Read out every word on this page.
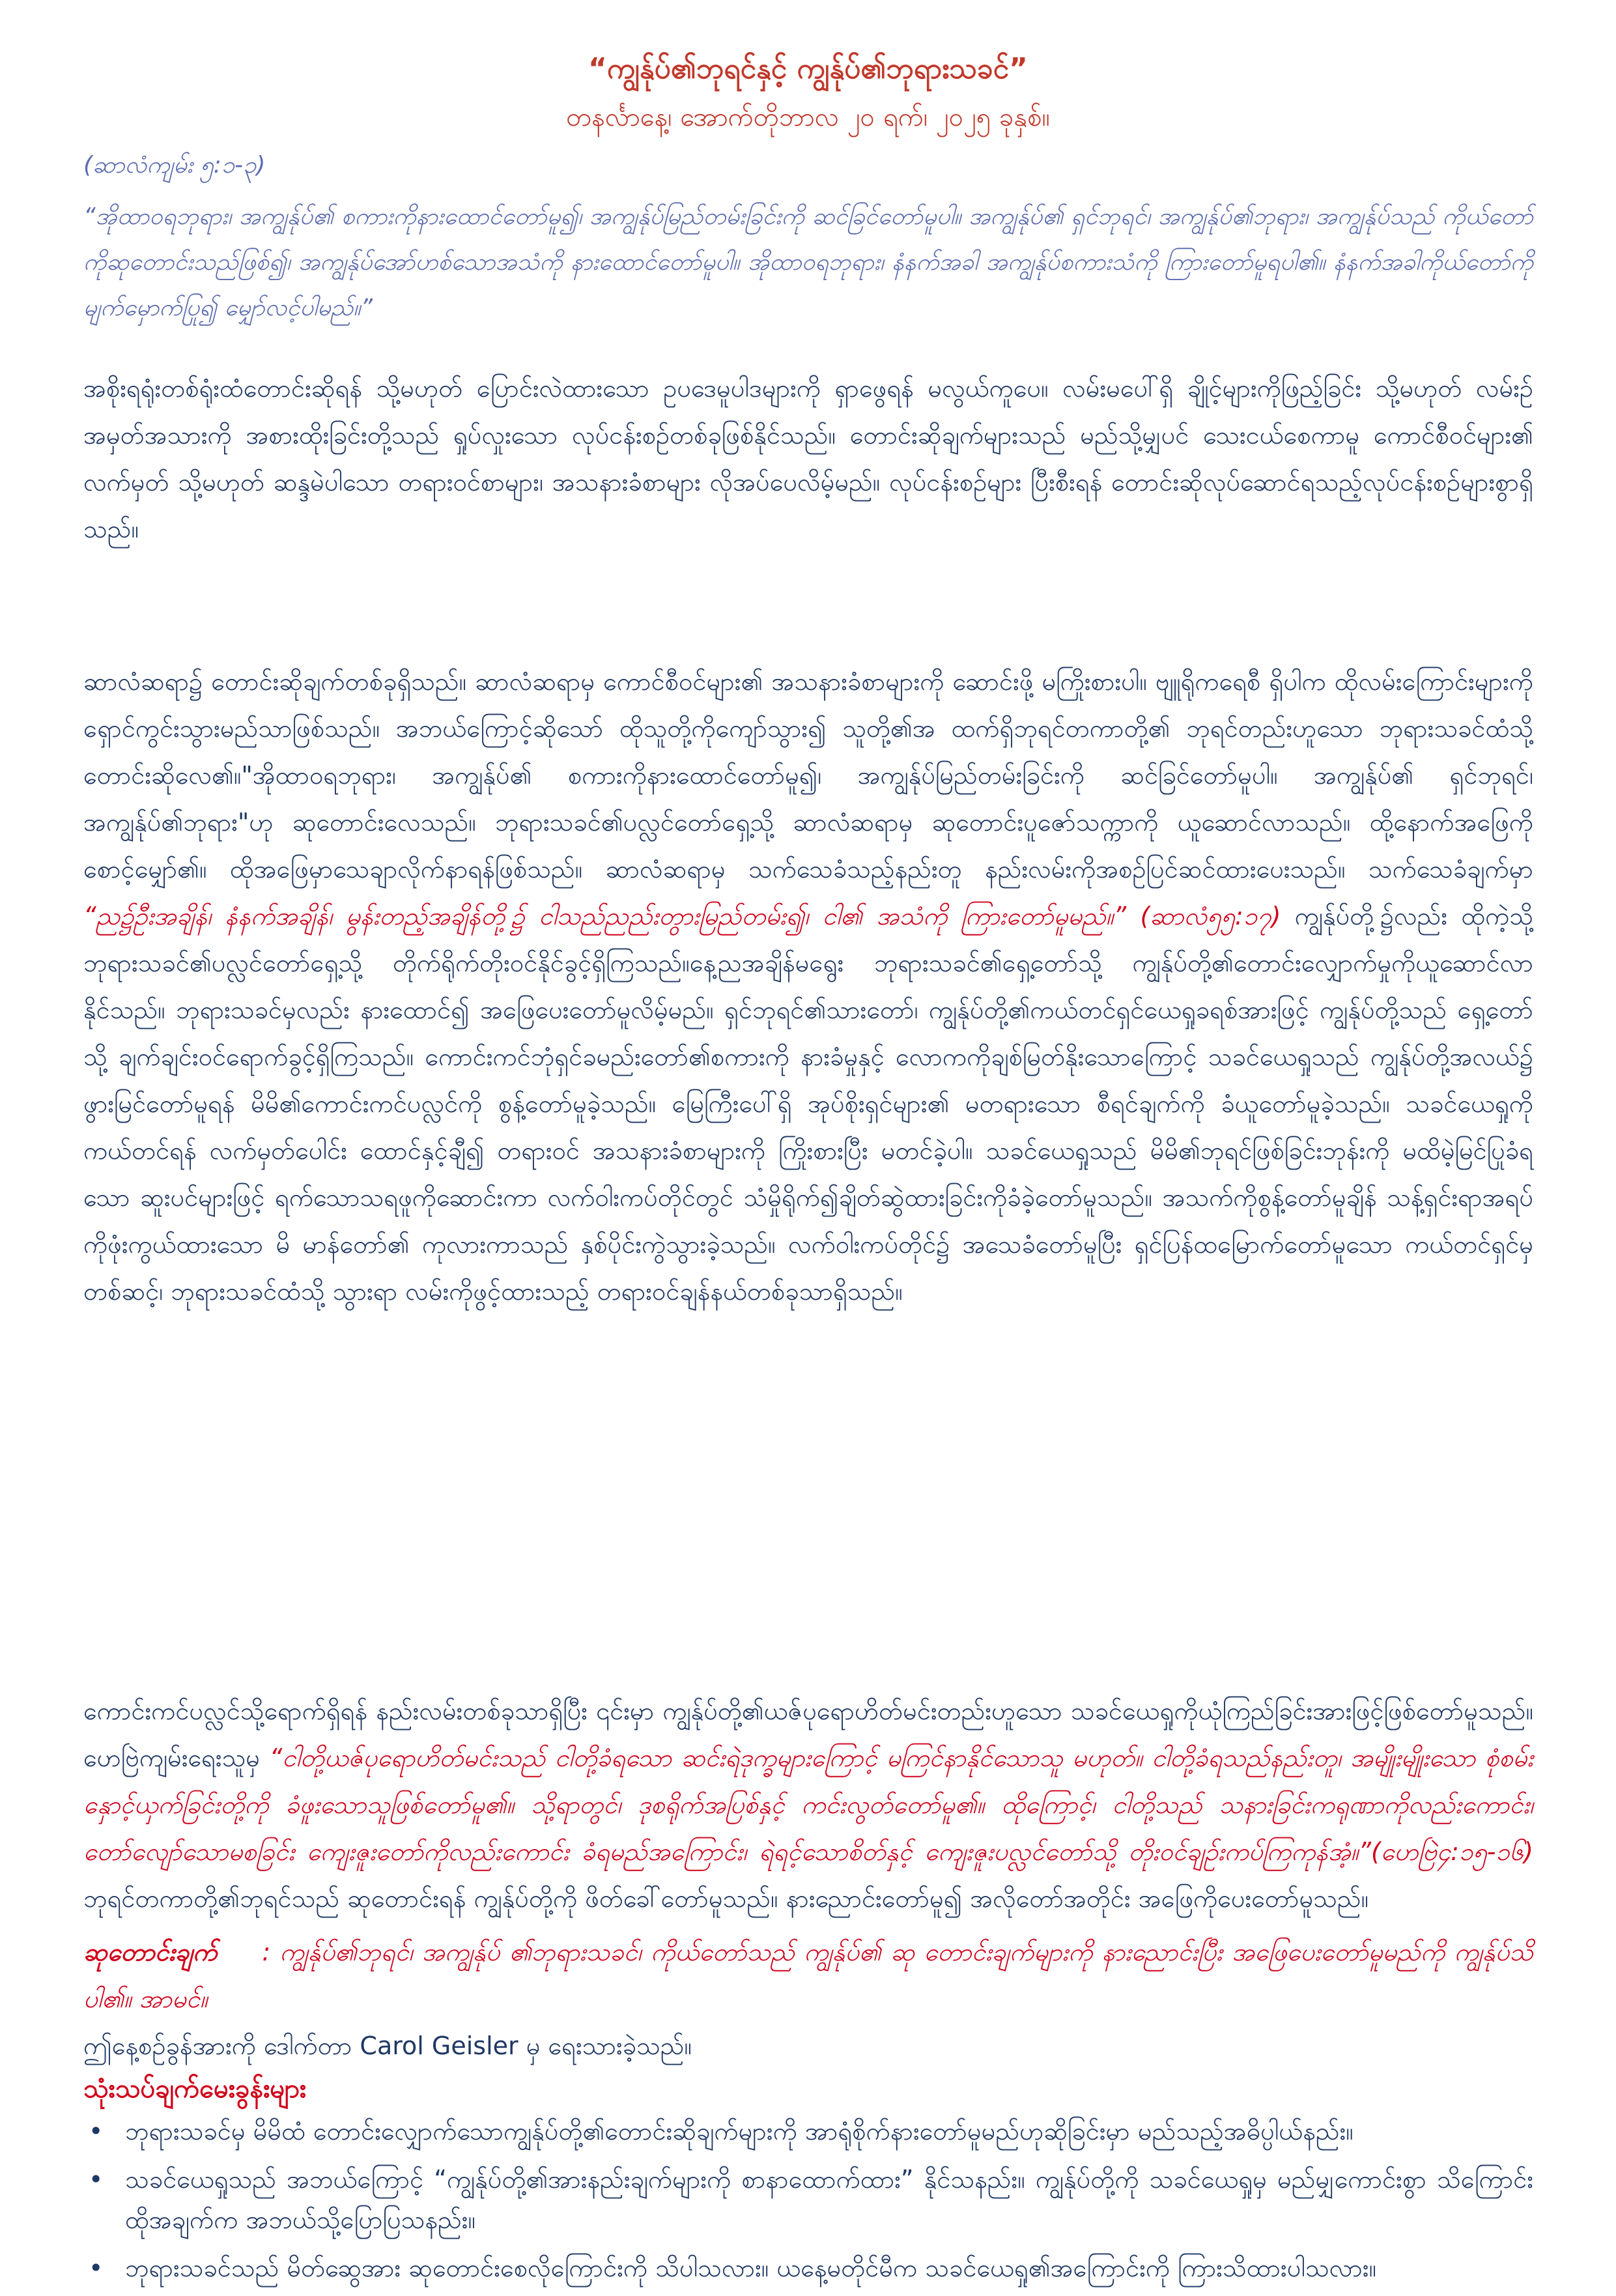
“ကျွန်ုပ်၏ဘုရင်နှင့် ကျွန်ုပ်၏ဘုရားသခင်”
တနင်္လာနေ့၊ အောက်တိုဘာလ ၂၀ ရက်၊ ၂၀၂၅ ခုနှစ်။
(ဆာလံကျမ်း ၅:၁-၃)
“အိုထာဝရဘုရား၊ အကျွန်ုပ်၏ စကားကိုနားထောင်တော်မူ၍၊ အကျွန်ုပ်မြည်တမ်းခြင်းကို ဆင်ခြင်တော်မူပါ။ အကျွန်ုပ်၏ ရှင်ဘုရင်၊ အကျွန်ုပ်၏ဘုရား၊ အကျွန်ုပ်သည် ကိုယ်တော်ကိုဆုတောင်းသည်ဖြစ်၍၊ အကျွန်ုပ်အော်ဟစ်သောအသံကို နားထောင်တော်မူပါ။ အိုထာဝရဘုရား၊ နံနက်အခါ အကျွန်ုပ်စကားသံကို ကြားတော်မူရပါ၏။ နံနက်အခါကိုယ်တော်ကို မျက်မှောက်ပြု၍ မျှော်လင့်ပါမည်။”
အစိုးရရုံးတစ်ရုံးထံတောင်းဆိုရန် သို့မဟုတ် ပြောင်းလဲထားသော ဥပဒေမူပါဒများကို ရှာဖွေရန် မလွယ်ကူပေ။ လမ်းမပေါ်ရှိ ချိုင့်များကိုဖြည့်ခြင်း သို့မဟုတ် လမ်းဥ်အမှတ်အသားကို အစားထိုးခြင်းတို့သည် ရှုပ်လှုးသော လုပ်ငန်းစဉ်တစ်ခုဖြစ်နိုင်သည်။ တောင်းဆိုချက်များသည် မည်သို့မျှပင် သေးငယ်စေကာမူ ကောင်စီဝင်များ၏ လက်မှတ် သို့မဟုတ် ဆန္ဒမဲပါသော တရားဝင်စာများ၊ အသနားခံစာများ လိုအပ်ပေလိမ့်မည်။ လုပ်ငန်းစဉ်များ ပြီးစီးရန် တောင်းဆိုလုပ်ဆောင်ရသည့်လုပ်ငန်းစဉ်များစွာရှိသည်။
ဆာလံဆရာ၌ တောင်းဆိုချက်တစ်ခုရှိသည်။ ဆာလံဆရာမှ ကောင်စီဝင်များ၏ အသနားခံစာများကို ဆောင်းဖို့ မကြိုးစားပါ။ ဗျူရိုကရေစီ ရှိပါက ထိုလမ်းကြောင်းများကို ရှောင်ကွင်းသွားမည်သာဖြစ်သည်။ အဘယ်ကြောင့်ဆိုသော် ထိုသူတို့ကိုကျော်သွား၍ သူတို့၏အ ထက်ရှိဘုရင်တကာတို့၏ ဘုရင်တည်းဟူသော ဘုရားသခင်ထံသို့ တောင်းဆိုလေ၏။"အိုထာဝရဘုရား၊ အကျွန်ုပ်၏ စကားကိုနားထောင်တော်မူ၍၊ အကျွန်ုပ်မြည်တမ်းခြင်းကို ဆင်ခြင်တော်မူပါ။ အကျွန်ုပ်၏ ရှင်ဘုရင်၊ အကျွန်ုပ်၏ဘုရား"ဟု ဆုတောင်းလေသည်။ ဘုရားသခင်၏ပလ္လင်တော်ရှေ့သို့ ဆာလံဆရာမှ ဆုတောင်းပူဇော်သက္ကာကို ယူဆောင်လာသည်။ ထို့နောက်အဖြေကိုစောင့်မျှော်၏။ ထိုအဖြေမှာသေချာလိုက်နာရန်ဖြစ်သည်။ ဆာလံဆရာမှ သက်သေခံသည့်နည်းတူ နည်းလမ်းကိုအစဉ်ပြင်ဆင်ထားပေးသည်။ သက်သေခံချက်မှာ “ည၌ဦးအချိန်၊ နံနက်အချိန်၊ မွန်းတည့်အချိန်တို့၌ ငါသည်ညည်းတွားမြည်တမ်း၍၊ ငါ၏ အသံကို ကြားတော်မူမည်။” (ဆာလံ၅၅:၁၇) ကျွန်ုပ်တို့၌လည်း ထိုကဲ့သို့ ဘုရားသခင်၏ပလ္လင်တော်ရှေ့သို့ တိုက်ရိုက်တိုးဝင်နိုင်ခွင့်ရှိကြသည်။နေ့ညအချိန်မရွေး ဘုရားသခင်၏ရှေ့တော်သို့ ကျွန်ုပ်တို့၏တောင်းလျှောက်မှုကိုယူဆောင်လာနိုင်သည်။ ဘုရားသခင်မှလည်း နားထောင်၍ အဖြေပေးတော်မူလိမ့်မည်။ ရှင်ဘုရင်၏သားတော်၊ ကျွန်ုပ်တို့၏ကယ်တင်ရှင်ယေရှုခရစ်အားဖြင့် ကျွန်ုပ်တို့သည် ရှေ့တော်သို့ ချက်ချင်းဝင်ရောက်ခွင့်ရှိကြသည်။ ကောင်းကင်ဘုံရှင်ခမည်းတော်၏စကားကို နားခံမှုနှင့် လောကကိုချစ်မြတ်နိုးသောကြောင့် သခင်ယေရှုသည် ကျွန်ုပ်တို့အလယ်၌ ဖွားမြင်တော်မူရန် မိမိ၏ကောင်းကင်ပလ္လင်ကို စွန့်တော်မူခဲ့သည်။ မြေကြီးပေါ်ရှိ အုပ်စိုးရှင်များ၏ မတရားသော စီရင်ချက်ကို ခံယူတော်မူခဲ့သည်။ သခင်ယေရှုကိုကယ်တင်ရန် လက်မှတ်ပေါင်း ထောင်နှင့်ချီ၍ တရားဝင် အသနားခံစာများကို ကြိုးစားပြီး မတင်ခဲ့ပါ။ သခင်ယေရှုသည် မိမိ၏ဘုရင်ဖြစ်ခြင်းဘုန်းကို မထိမဲ့မြင်ပြုခံရသော ဆူးပင်များဖြင့် ရက်သောသရဖူကိုဆောင်းကာ လက်ဝါးကပ်တိုင်တွင် သံမှိုရိုက်၍ချိတ်ဆွဲထားခြင်းကိုခံခဲ့တော်မူသည်။ အသက်ကိုစွန့်တော်မူချိန် သန့်ရှင်းရာအရပ်ကိုဖုံးကွယ်ထားသော မိ မာန်တော်၏ ကုလားကာသည် နှစ်ပိုင်းကွဲသွားခဲ့သည်။ လက်ဝါးကပ်တိုင်၌ အသေခံတော်မူပြီး ရှင်ပြန်ထမြောက်တော်မူသော ကယ်တင်ရှင်မှတစ်ဆင့်၊ ဘုရားသခင်ထံသို့ သွားရာ လမ်းကိုဖွင့်ထားသည့် တရားဝင်ချန်နယ်တစ်ခုသာရှိသည်။
ကောင်းကင်ပလ္လင်သို့ရောက်ရှိရန် နည်းလမ်းတစ်ခုသာရှိပြီး ၎င်းမှာ ကျွန်ုပ်တို့၏ယဇ်ပုရောဟိတ်မင်းတည်းဟူသော သခင်ယေရှုကိုယုံကြည်ခြင်းအားဖြင့်ဖြစ်တော်မူသည်။ ဟေဗြဲကျမ်းရေးသူမှ “ငါတို့ယဇ်ပုရောဟိတ်မင်းသည် ငါတို့ခံရသော ဆင်းရဲဒုက္ခများကြောင့် မကြင်နာနိုင်သောသူ မဟုတ်။ ငါတို့ခံရသည်နည်းတူ၊ အမျိုးမျိုးသော စုံစမ်းနှောင့်ယှက်ခြင်းတို့ကို ခံဖူးသောသူဖြစ်တော်မူ၏။ သို့ရာတွင်၊ ဒုစရိုက်အပြစ်နှင့် ကင်းလွတ်တော်မူ၏။ ထိုကြောင့်၊ ငါတို့သည် သနားခြင်းကရုဏာကိုလည်းကောင်း၊ တော်လျော်သောမစခြင်း ကျေးဇူးတော်ကိုလည်းကောင်း ခံရမည်အကြောင်း၊ ရဲရင့်သောစိတ်နှင့် ကျေးဇူးပလ္လင်တော်သို့ တိုးဝင်ချဉ်းကပ်ကြကုန်အံ့။”(ဟေဗြဲ၄:၁၅-၁၆) ဘုရင်တကာတို့၏ဘုရင်သည် ဆုတောင်းရန် ကျွန်ုပ်တို့ကို ဖိတ်ခေါ်တော်မူသည်။ နားညောင်းတော်မူ၍ အလိုတော်အတိုင်း အဖြေကိုပေးတော်မူသည်။
ဆုတောင်းချက် : ကျွန်ုပ်၏ဘုရင်၊ အကျွန်ုပ် ၏ဘုရားသခင်၊ ကိုယ်တော်သည် ကျွန်ုပ်၏ ဆု တောင်းချက်များကို နားညောင်းပြီး အဖြေပေးတော်မူမည်ကို ကျွန်ုပ်သိပါ၏။ အာမင်။
ဤနေ့စဉ်ခွန်အားကို ဒေါက်တာ Carol Geisler မှ ရေးသားခဲ့သည်။
သုံးသပ်ချက်မေးခွန်းများ
• ဘုရားသခင်မှ မိမိထံ တောင်းလျှောက်သောကျွန်ုပ်တို့၏တောင်းဆိုချက်များကို အာရုံစိုက်နားတော်မူမည်ဟုဆိုခြင်းမှာ မည်သည့်အဓိပ္ပါယ်နည်း။
• သခင်ယေရှုသည် အဘယ်ကြောင့် “ကျွန်ုပ်တို့၏အားနည်းချက်များကို စာနာထောက်ထား” နိုင်သနည်း။ ကျွန်ုပ်တို့ကို သခင်ယေရှုမှ မည်မျှကောင်းစွာ သိကြောင်း ထိုအချက်က အဘယ်သို့ပြောပြသနည်း။
• ဘုရားသခင်သည် မိတ်ဆွေအား ဆုတောင်းစေလိုကြောင်းကို သိပါသလား။ ယနေ့မတိုင်မီက သခင်ယေရှု၏အကြောင်းကို ကြားသိထားပါသလား။
